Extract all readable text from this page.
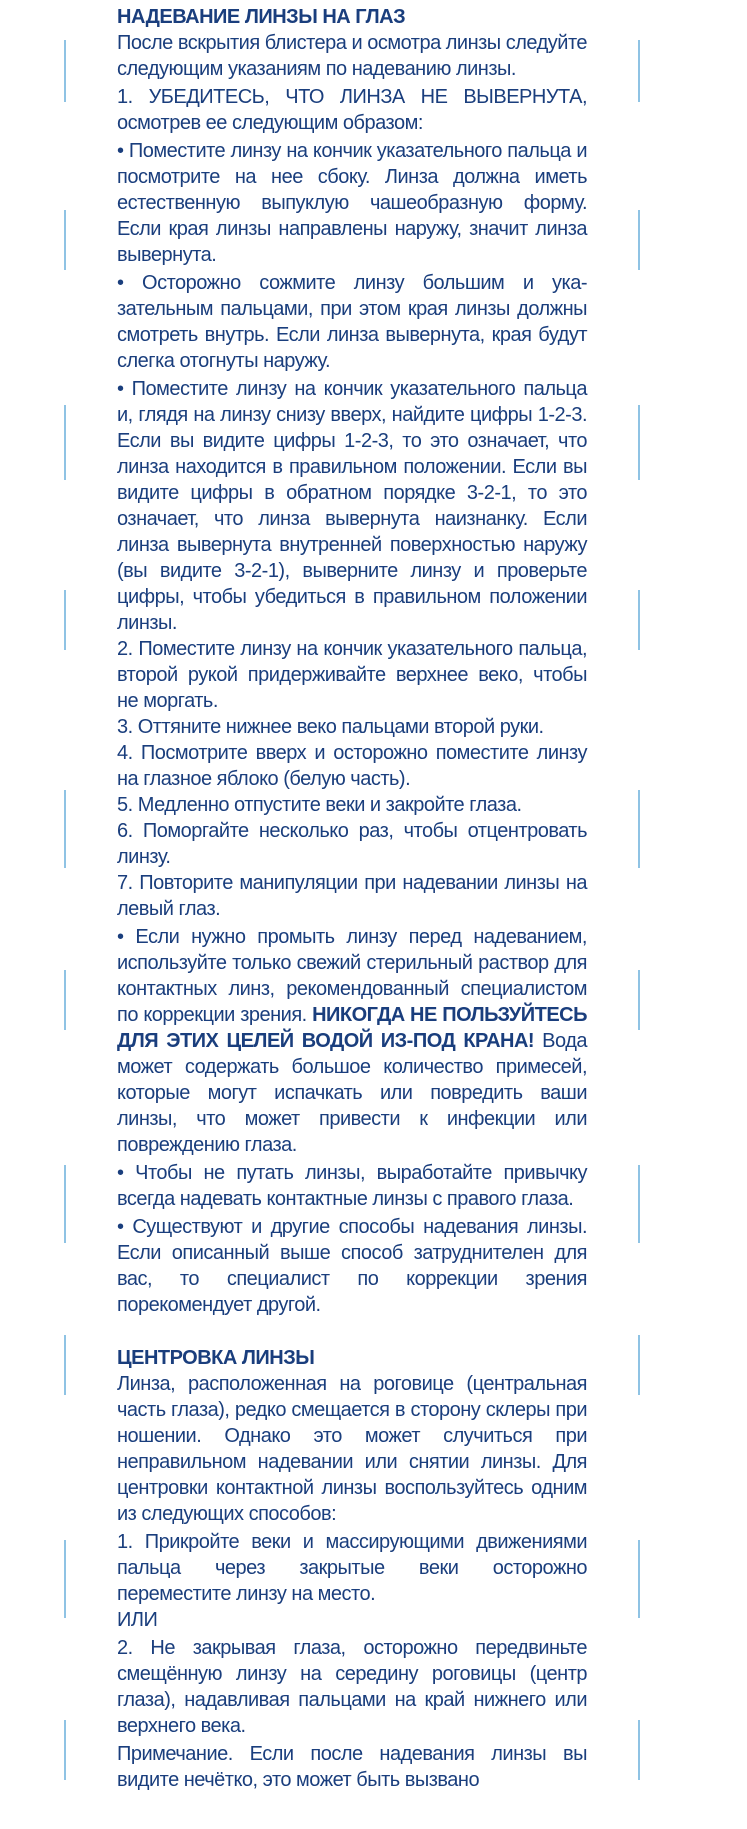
НАДЕВАНИЕ ЛИНЗЫ НА ГЛАЗ

После вскрытия блистера и осмотра линзы следуйте следующим указаниям по надеванию линзы.

1. УБЕДИТЕСЬ, ЧТО ЛИНЗА НЕ ВЫВЕРНУТА, осмотрев ее следующим образом:

• Поместите линзу на кончик указательного пальца и посмотрите на нее сбоку. Линза должна иметь естественную выпуклую чашеобразную форму. Если края линзы направлены наружу, значит линза вывернута.

• Осторожно сожмите линзу большим и ука-зательным пальцами, при этом края линзы должны смотреть внутрь. Если линза вывернута, края будут слегка отогнуты наружу.

• Поместите линзу на кончик указательного пальца и, глядя на линзу снизу вверх, найдите цифры 1-2-3. Если вы видите цифры 1-2-3, то это означает, что линза находится в правильном положении. Если вы видите цифры в обратном порядке 3-2-1, то это означает, что линза вывернута наизнанку. Если линза вывернута внутренней поверхностью наружу (вы видите 3-2-1), выверните линзу и проверьте цифры, чтобы убедиться в правильном положении линзы.

2. Поместите линзу на кончик указательного пальца, второй рукой придерживайте верхнее веко, чтобы не моргать.

3. Оттяните нижнее веко пальцами второй руки.

4. Посмотрите вверх и осторожно поместите линзу на глазное яблоко (белую часть).

5. Медленно отпустите веки и закройте глаза.

6. Поморгайте несколько раз, чтобы отцентровать линзу.

7. Повторите манипуляции при надевании линзы на левый глаз.

• Если нужно промыть линзу перед надеванием, используйте только свежий стерильный раствор для контактных линз, рекомендованный специалистом по коррекции зрения. НИКОГДА НЕ ПОЛЬЗУЙТЕСЬ ДЛЯ ЭТИХ ЦЕЛЕЙ ВОДОЙ ИЗ-ПОД КРАНА! Вода может содержать большое количество примесей, которые могут испачкать или повредить ваши линзы, что может привести к инфекции или повреждению глаза.

• Чтобы не путать линзы, выработайте привычку всегда надевать контактные линзы с правого глаза.

• Существуют и другие способы надевания линзы. Если описанный выше способ затруднителен для вас, то специалист по коррекции зрения порекомендует другой.

ЦЕНТРОВКА ЛИНЗЫ

Линза, расположенная на роговице (центральная часть глаза), редко смещается в сторону склеры при ношении. Однако это может случиться при неправильном надевании или снятии линзы. Для центровки контактной линзы воспользуйтесь одним из следующих способов:

1. Прикройте веки и массирующими движениями пальца через закрытые веки осторожно переместите линзу на место.

ИЛИ

2. Не закрывая глаза, осторожно передвиньте смещённую линзу на середину роговицы (центр глаза), надавливая пальцами на край нижнего или верхнего века.

Примечание. Если после надевания линзы вы видите нечётко, это может быть вызвано
